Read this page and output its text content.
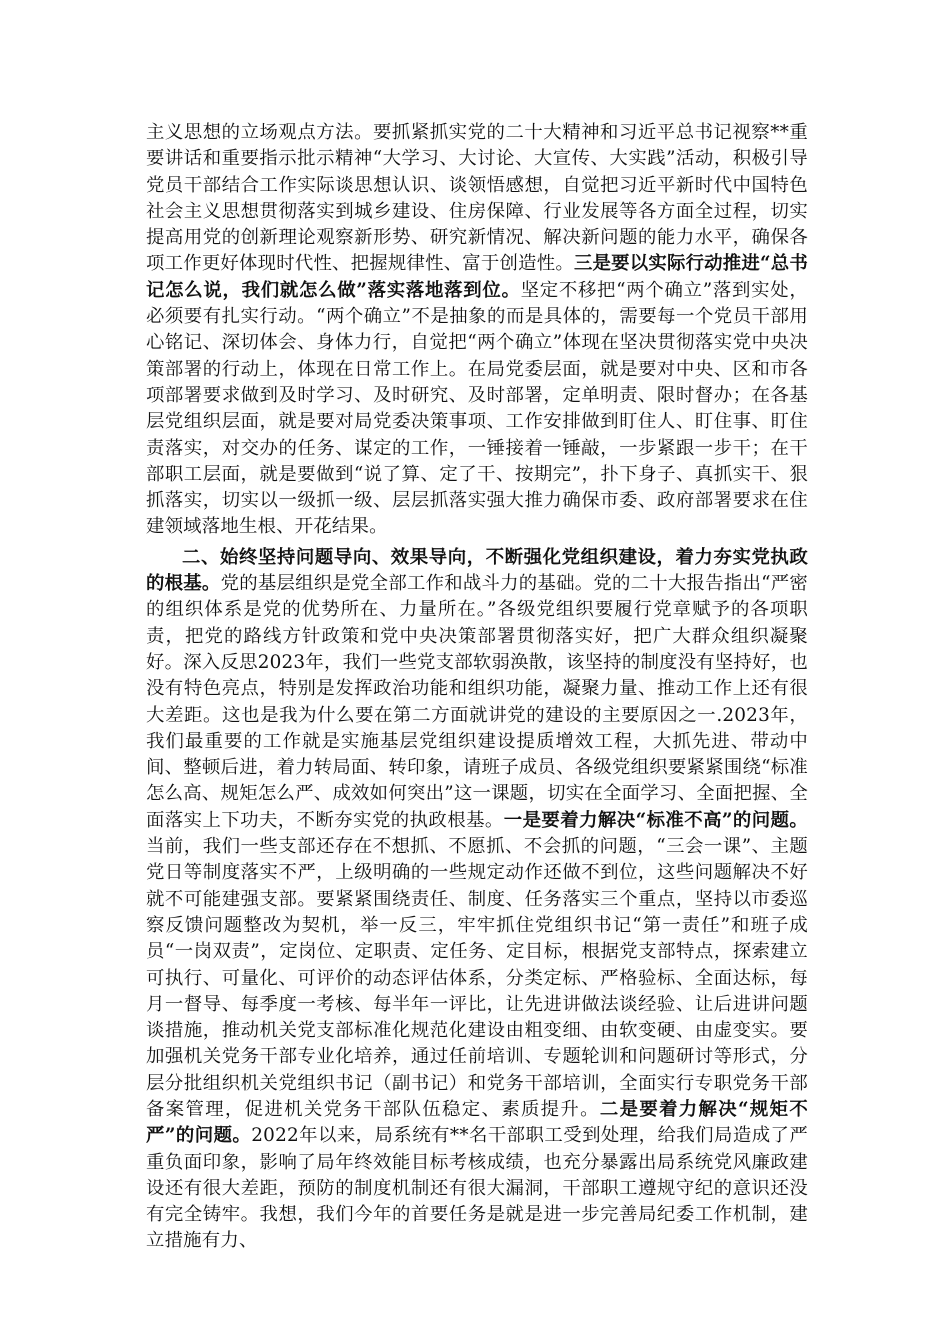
主义思想的立场观点方法。要抓紧抓实党的二十大精神和习近平总书记视察**重要讲话和重要指示批示精神“大学习、大讨论、大宣传、大实践”活动，积极引导党员干部结合工作实际谈思想认识、谈领悟感想，自觉把习近平新时代中国特色社会主义思想贯彻落实到城乡建设、住房保障、行业发展等各方面全过程，切实提高用党的创新理论观察新形势、研究新情况、解决新问题的能力水平，确保各项工作更好体现时代性、把握规律性、富于创造性。三是要以实际行动推进“总书记怎么说，我们就怎么做”落实落地落到位。坚定不移把“两个确立”落到实处，必须要有扎实行动。“两个确立”不是抽象的而是具体的，需要每一个党员干部用心铭记、深切体会、身体力行，自觉把“两个确立”体现在坚决贯彻落实党中央决策部署的行动上，体现在日常工作上。在局党委层面，就是要对中央、区和市各项部署要求做到及时学习、及时研究、及时部署，定单明责、限时督办；在各基层党组织层面，就是要对局党委决策事项、工作安排做到盯住人、盯住事、盯住责落实，对交办的任务、谋定的工作，一锤接着一锤敲，一步紧跟一步干；在干部职工层面，就是要做到“说了算、定了干、按期完”，扑下身子、真抓实干、狠抓落实，切实以一级抓一级、层层抓落实强大推力确保市委、政府部署要求在住建领域落地生根、开花结果。

二、始终坚持问题导向、效果导向，不断强化党组织建设，着力夯实党执政的根基。党的基层组织是党全部工作和战斗力的基础。党的二十大报告指出“严密的组织体系是党的优势所在、力量所在。”各级党组织要履行党章赋予的各项职责，把党的路线方针政策和党中央决策部署贯彻落实好，把广大群众组织凝聚好。深入反思2023年，我们一些党支部软弱涣散，该坚持的制度没有坚持好，也没有特色亮点，特别是发挥政治功能和组织功能，凝聚力量、推动工作上还有很大差距。这也是我为什么要在第二方面就讲党的建设的主要原因之一.2023年，我们最重要的工作就是实施基层党组织建设提质增效工程，大抓先进、带动中间、整顿后进，着力转局面、转印象，请班子成员、各级党组织要紧紧围绕“标准怎么高、规矩怎么严、成效如何突出”这一课题，切实在全面学习、全面把握、全面落实上下功夫，不断夯实党的执政根基。一是要着力解决“标准不高”的问题。当前，我们一些支部还存在不想抓、不愿抓、不会抓的问题，“三会一课”、主题党日等制度落实不严，上级明确的一些规定动作还做不到位，这些问题解决不好就不可能建强支部。要紧紧围绕责任、制度、任务落实三个重点，坚持以市委巡察反馈问题整改为契机，举一反三，牢牢抓住党组织书记“第一责任”和班子成员“一岗双责”，定岗位、定职责、定任务、定目标，根据党支部特点，探索建立可执行、可量化、可评价的动态评估体系，分类定标、严格验标、全面达标，每月一督导、每季度一考核、每半年一评比，让先进讲做法谈经验、让后进讲问题谈措施，推动机关党支部标准化规范化建设由粗变细、由软变硬、由虚变实。要加强机关党务干部专业化培养，通过任前培训、专题轮训和问题研讨等形式，分层分批组织机关党组织书记（副书记）和党务干部培训，全面实行专职党务干部备案管理，促进机关党务干部队伍稳定、素质提升。二是要着力解决“规矩不严”的问题。2022年以来，局系统有**名干部职工受到处理，给我们局造成了严重负面印象，影响了局年终效能目标考核成绩，也充分暴露出局系统党风廉政建设还有很大差距，预防的制度机制还有很大漏洞，干部职工遵规守纪的意识还没有完全铸牢。我想，我们今年的首要任务是就是进一步完善局纪委工作机制，建立措施有力、
